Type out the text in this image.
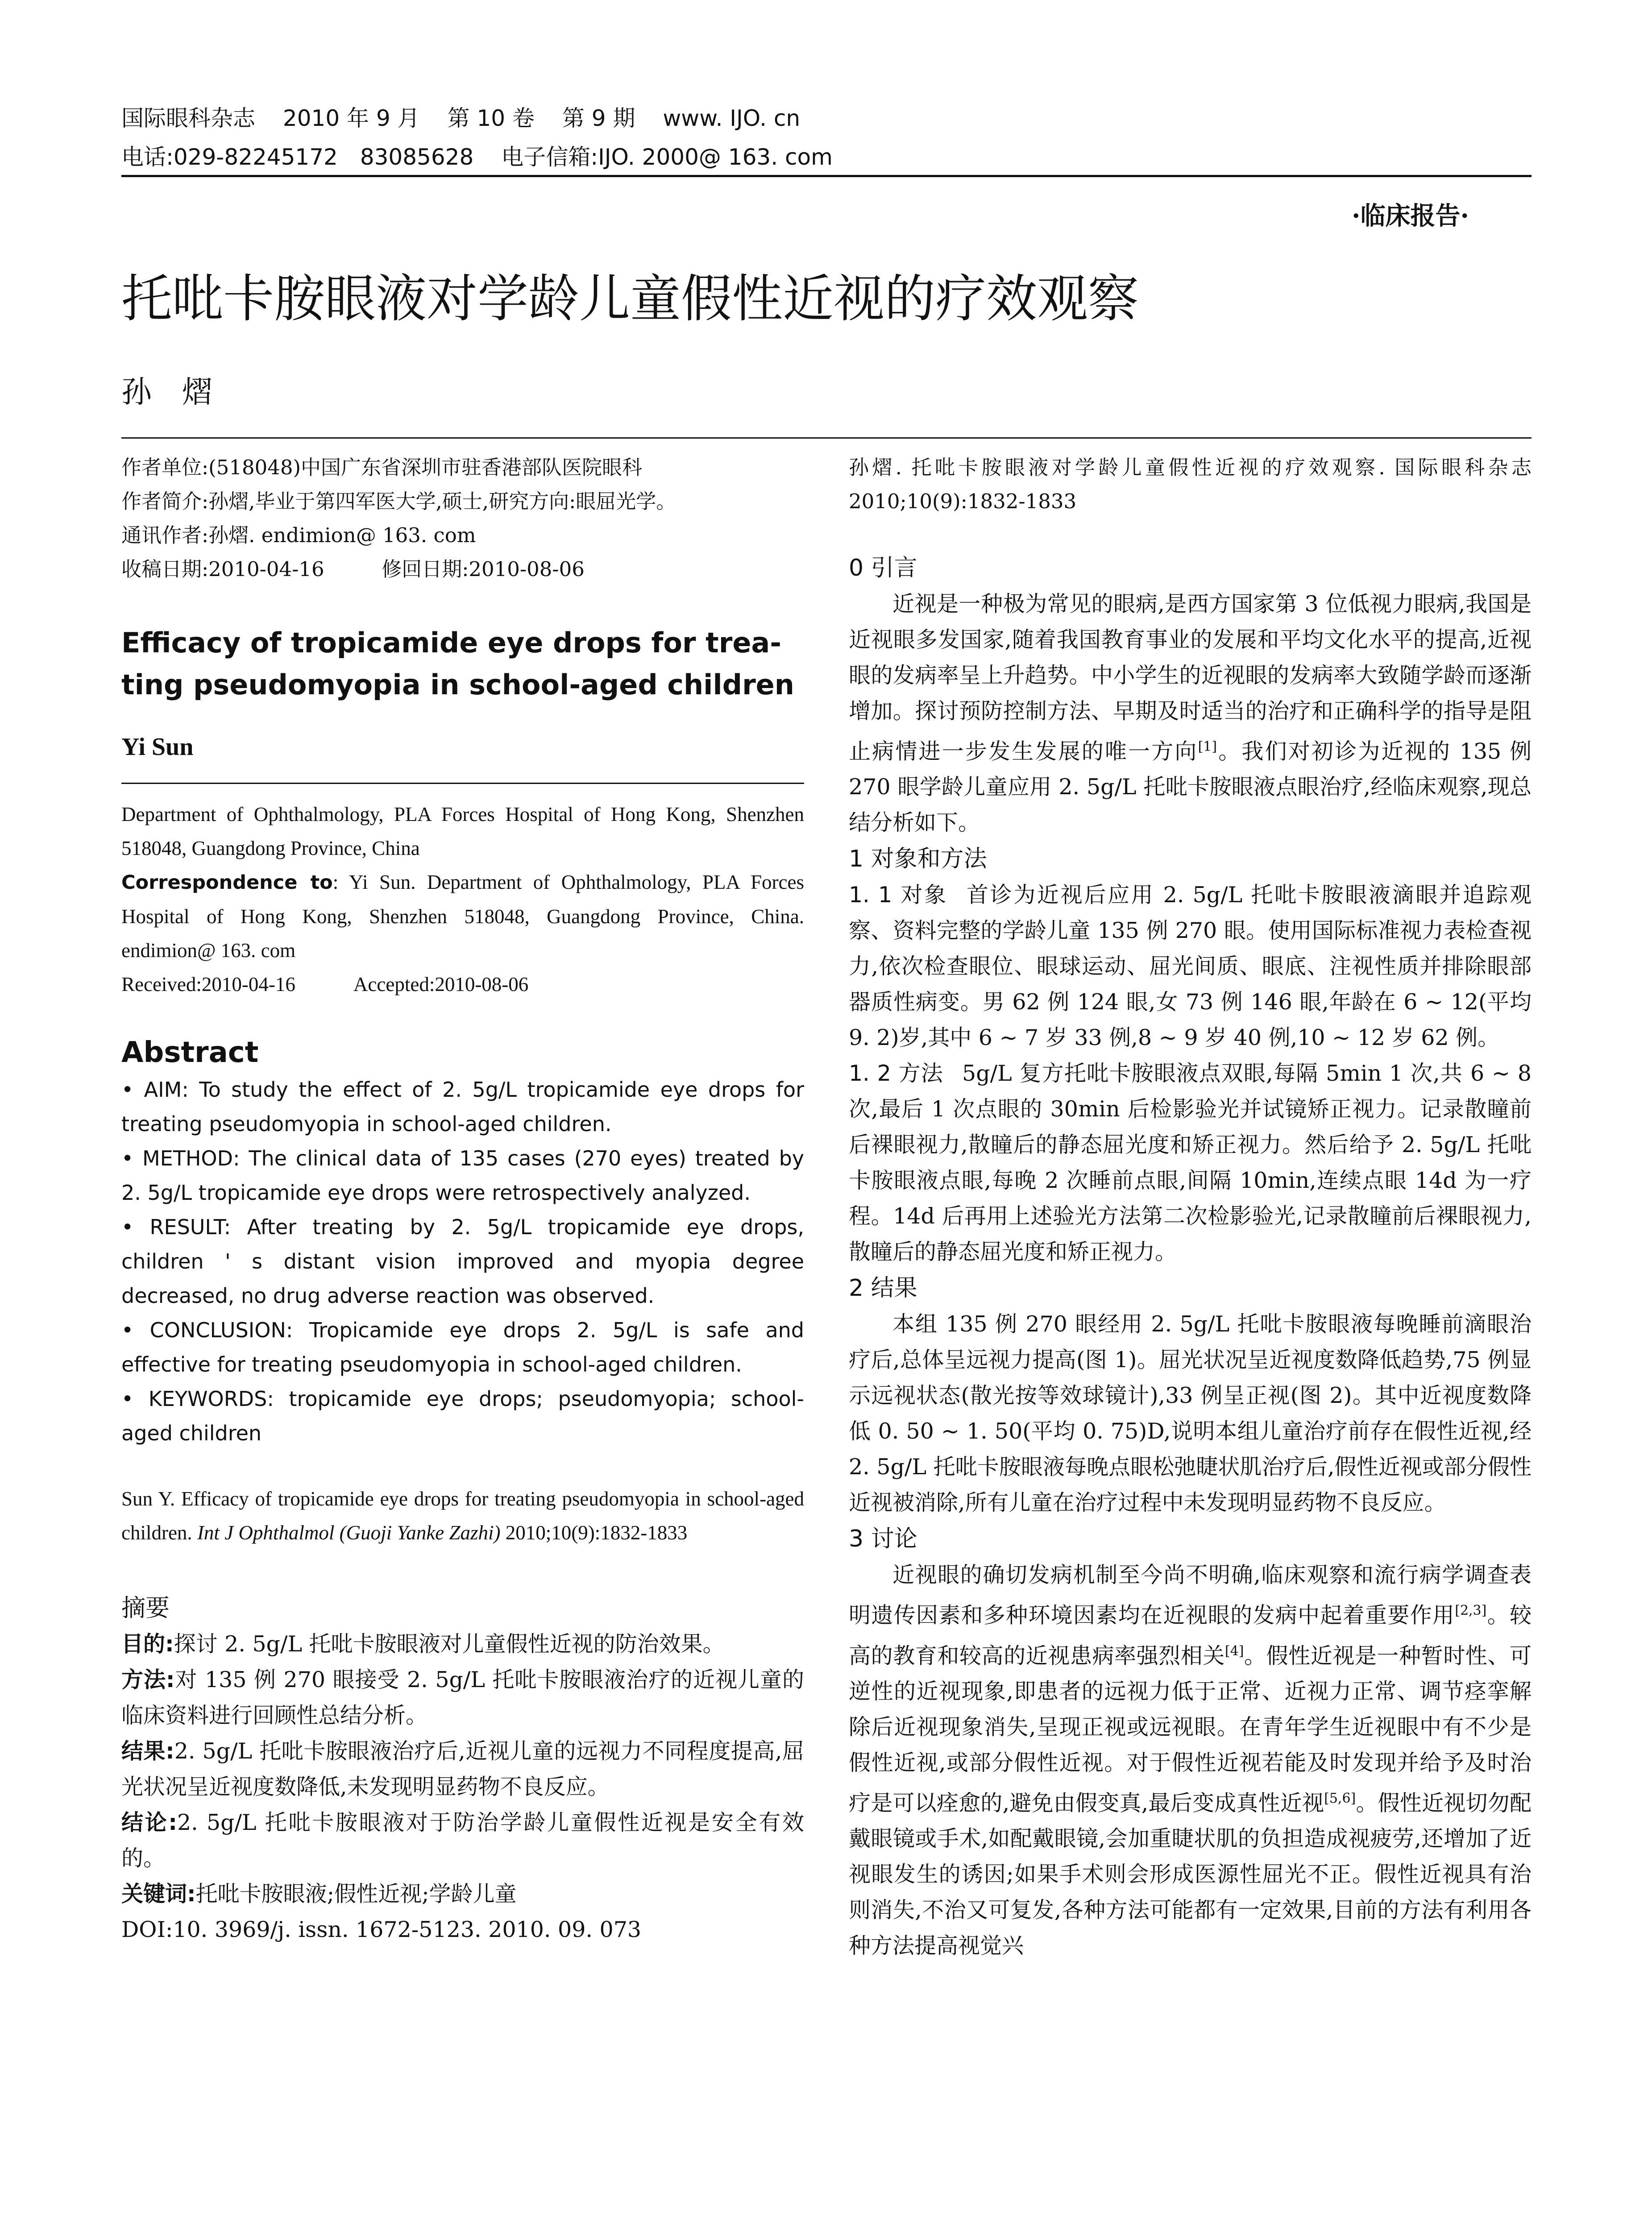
国际眼科杂志 2010 年 9 月 第 10 卷 第 9 期 www. IJO. cn
电话:029-82245172　83085628 电子信箱:IJO. 2000@ 163. com
·临床报告·
托吡卡胺眼液对学龄儿童假性近视的疗效观察
孙　熠

作者单位:(518048)中国广东省深圳市驻香港部队医院眼科

作者简介:孙熠,毕业于第四军医大学,硕士,研究方向:眼屈光学。

通讯作者:孙熠. endimion@ 163. com

收稿日期:2010-04-16	修回日期:2010-08-06

Efficacy of tropicamide eye drops for trea-
ting pseudomyopia in school-aged children
Yi Sun

Department of Ophthalmology, PLA Forces Hospital of Hong Kong, Shenzhen 518048, Guangdong Province, China

Correspondence to: Yi Sun. Department of Ophthalmology, PLA Forces Hospital of Hong Kong, Shenzhen 518048, Guangdong Province, China. endimion@ 163. com

Received:2010-04-16	Accepted:2010-08-06

Abstract

• AIM: To study the effect of 2. 5g/L tropicamide eye drops for treating pseudomyopia in school-aged children.

• METHOD: The clinical data of 135 cases (270 eyes) treated by 2. 5g/L tropicamide eye drops were retrospectively analyzed.

• RESULT: After treating by 2. 5g/L tropicamide eye drops, children ' s distant vision improved and myopia degree decreased, no drug adverse reaction was observed.

• CONCLUSION: Tropicamide eye drops 2. 5g/L is safe and effective for treating pseudomyopia in school-aged children.

• KEYWORDS: tropicamide eye drops; pseudomyopia; school-aged children

Sun Y. Efficacy of tropicamide eye drops for treating pseudomyopia in school-aged children. Int J Ophthalmol (Guoji Yanke Zazhi) 2010;10(9):1832-1833

摘要

目的:探讨 2. 5g/L 托吡卡胺眼液对儿童假性近视的防治效果。

方法:对 135 例 270 眼接受 2. 5g/L 托吡卡胺眼液治疗的近视儿童的临床资料进行回顾性总结分析。

结果:2. 5g/L 托吡卡胺眼液治疗后,近视儿童的远视力不同程度提高,屈光状况呈近视度数降低,未发现明显药物不良反应。

结论:2. 5g/L 托吡卡胺眼液对于防治学龄儿童假性近视是安全有效的。

关键词:托吡卡胺眼液;假性近视;学龄儿童

DOI:10. 3969/j. issn. 1672-5123. 2010. 09. 073

孙熠. 托吡卡胺眼液对学龄儿童假性近视的疗效观察. 国际眼科杂志 2010;10(9):1832-1833

0 引言

近视是一种极为常见的眼病,是西方国家第 3 位低视力眼病,我国是近视眼多发国家,随着我国教育事业的发展和平均文化水平的提高,近视眼的发病率呈上升趋势。中小学生的近视眼的发病率大致随学龄而逐渐增加。探讨预防控制方法、早期及时适当的治疗和正确科学的指导是阻止病情进一步发生发展的唯一方向[1]。我们对初诊为近视的 135 例 270 眼学龄儿童应用 2. 5g/L 托吡卡胺眼液点眼治疗,经临床观察,现总结分析如下。

1 对象和方法

1. 1 对象 首诊为近视后应用 2. 5g/L 托吡卡胺眼液滴眼并追踪观察、资料完整的学龄儿童 135 例 270 眼。使用国际标准视力表检查视力,依次检查眼位、眼球运动、屈光间质、眼底、注视性质并排除眼部器质性病变。男 62 例 124 眼,女 73 例 146 眼,年龄在 6 ~ 12(平均 9. 2)岁,其中 6 ~ 7 岁 33 例,8 ~ 9 岁 40 例,10 ~ 12 岁 62 例。

1. 2 方法 5g/L 复方托吡卡胺眼液点双眼,每隔 5min 1 次,共 6 ~ 8 次,最后 1 次点眼的 30min 后检影验光并试镜矫正视力。记录散瞳前后裸眼视力,散瞳后的静态屈光度和矫正视力。然后给予 2. 5g/L 托吡卡胺眼液点眼,每晚 2 次睡前点眼,间隔 10min,连续点眼 14d 为一疗程。14d 后再用上述验光方法第二次检影验光,记录散瞳前后裸眼视力,散瞳后的静态屈光度和矫正视力。

2 结果

本组 135 例 270 眼经用 2. 5g/L 托吡卡胺眼液每晚睡前滴眼治疗后,总体呈远视力提高(图 1)。屈光状况呈近视度数降低趋势,75 例显示远视状态(散光按等效球镜计),33 例呈正视(图 2)。其中近视度数降低 0. 50 ~ 1. 50(平均 0. 75)D,说明本组儿童治疗前存在假性近视,经 2. 5g/L 托吡卡胺眼液每晚点眼松弛睫状肌治疗后,假性近视或部分假性近视被消除,所有儿童在治疗过程中未发现明显药物不良反应。

3 讨论

近视眼的确切发病机制至今尚不明确,临床观察和流行病学调查表明遗传因素和多种环境因素均在近视眼的发病中起着重要作用[2,3]。较高的教育和较高的近视患病率强烈相关[4]。假性近视是一种暂时性、可逆性的近视现象,即患者的远视力低于正常、近视力正常、调节痉挛解除后近视现象消失,呈现正视或远视眼。在青年学生近视眼中有不少是假性近视,或部分假性近视。对于假性近视若能及时发现并给予及时治疗是可以痊愈的,避免由假变真,最后变成真性近视[5,6]。假性近视切勿配戴眼镜或手术,如配戴眼镜,会加重睫状肌的负担造成视疲劳,还增加了近视眼发生的诱因;如果手术则会形成医源性屈光不正。假性近视具有治则消失,不治又可复发,各种方法可能都有一定效果,目前的方法有利用各种方法提高视觉兴
